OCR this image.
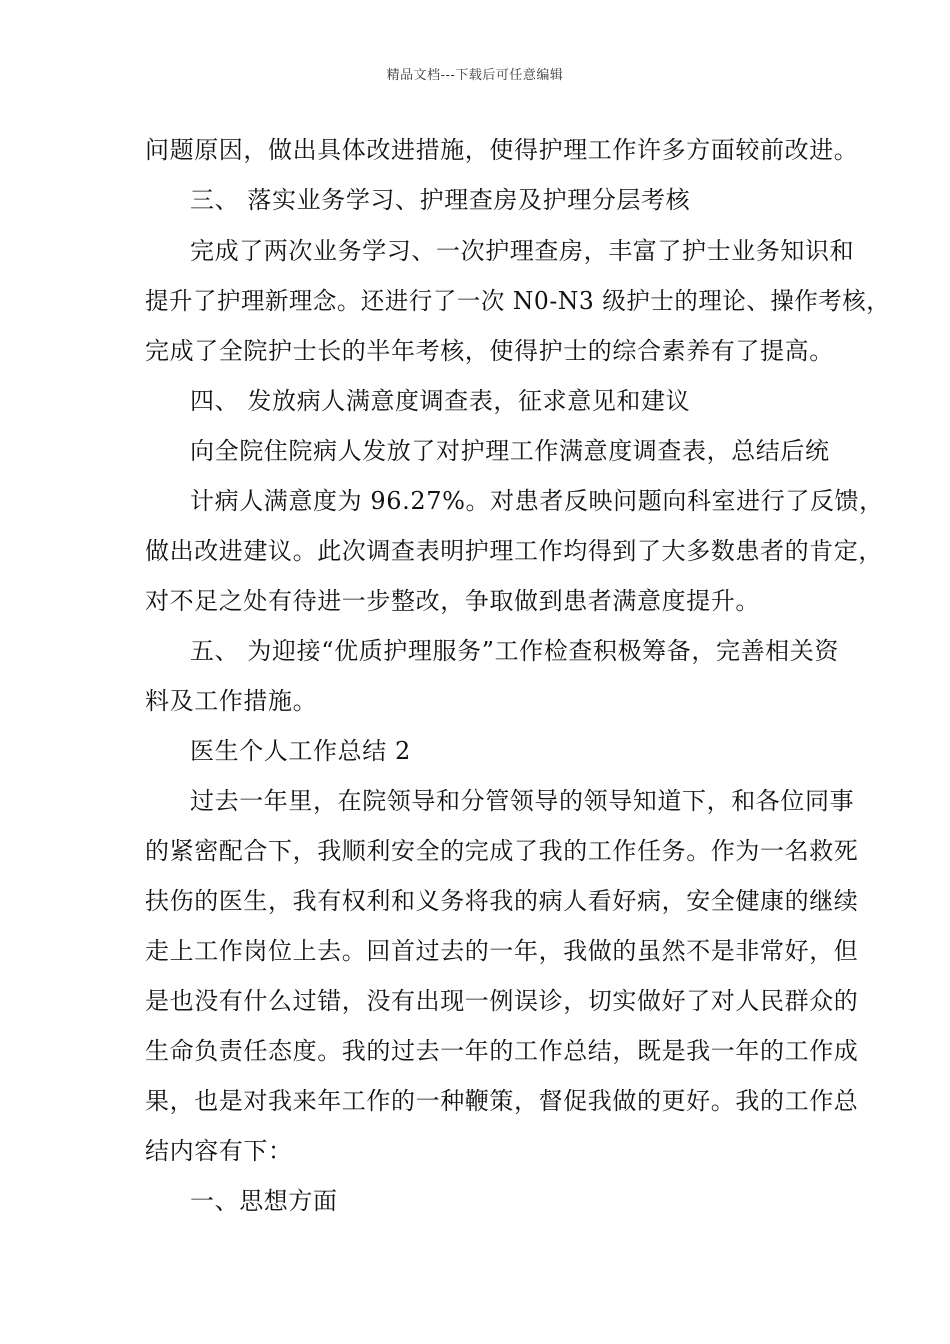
精品文档---下载后可任意编辑
问题原因，做出具体改进措施，使得护理工作许多方面较前改进。
三、 落实业务学习、护理查房及护理分层考核
完成了两次业务学习、一次护理查房，丰富了护士业务知识和
提升了护理新理念。还进行了一次 N0-N3 级护士的理论、操作考核，
完成了全院护士长的半年考核，使得护士的综合素养有了提高。
四、 发放病人满意度调查表，征求意见和建议
向全院住院病人发放了对护理工作满意度调查表，总结后统
计病人满意度为 96.27%。对患者反映问题向科室进行了反馈，
做出改进建议。此次调查表明护理工作均得到了大多数患者的肯定，
对不足之处有待进一步整改，争取做到患者满意度提升。
五、 为迎接“优质护理服务”工作检查积极筹备，完善相关资
料及工作措施。
医生个人工作总结 2
过去一年里，在院领导和分管领导的领导知道下，和各位同事
的紧密配合下，我顺利安全的完成了我的工作任务。作为一名救死
扶伤的医生，我有权利和义务将我的病人看好病，安全健康的继续
走上工作岗位上去。回首过去的一年，我做的虽然不是非常好，但
是也没有什么过错，没有出现一例误诊，切实做好了对人民群众的
生命负责任态度。我的过去一年的工作总结，既是我一年的工作成
果，也是对我来年工作的一种鞭策，督促我做的更好。我的工作总
结内容有下：
一、思想方面
